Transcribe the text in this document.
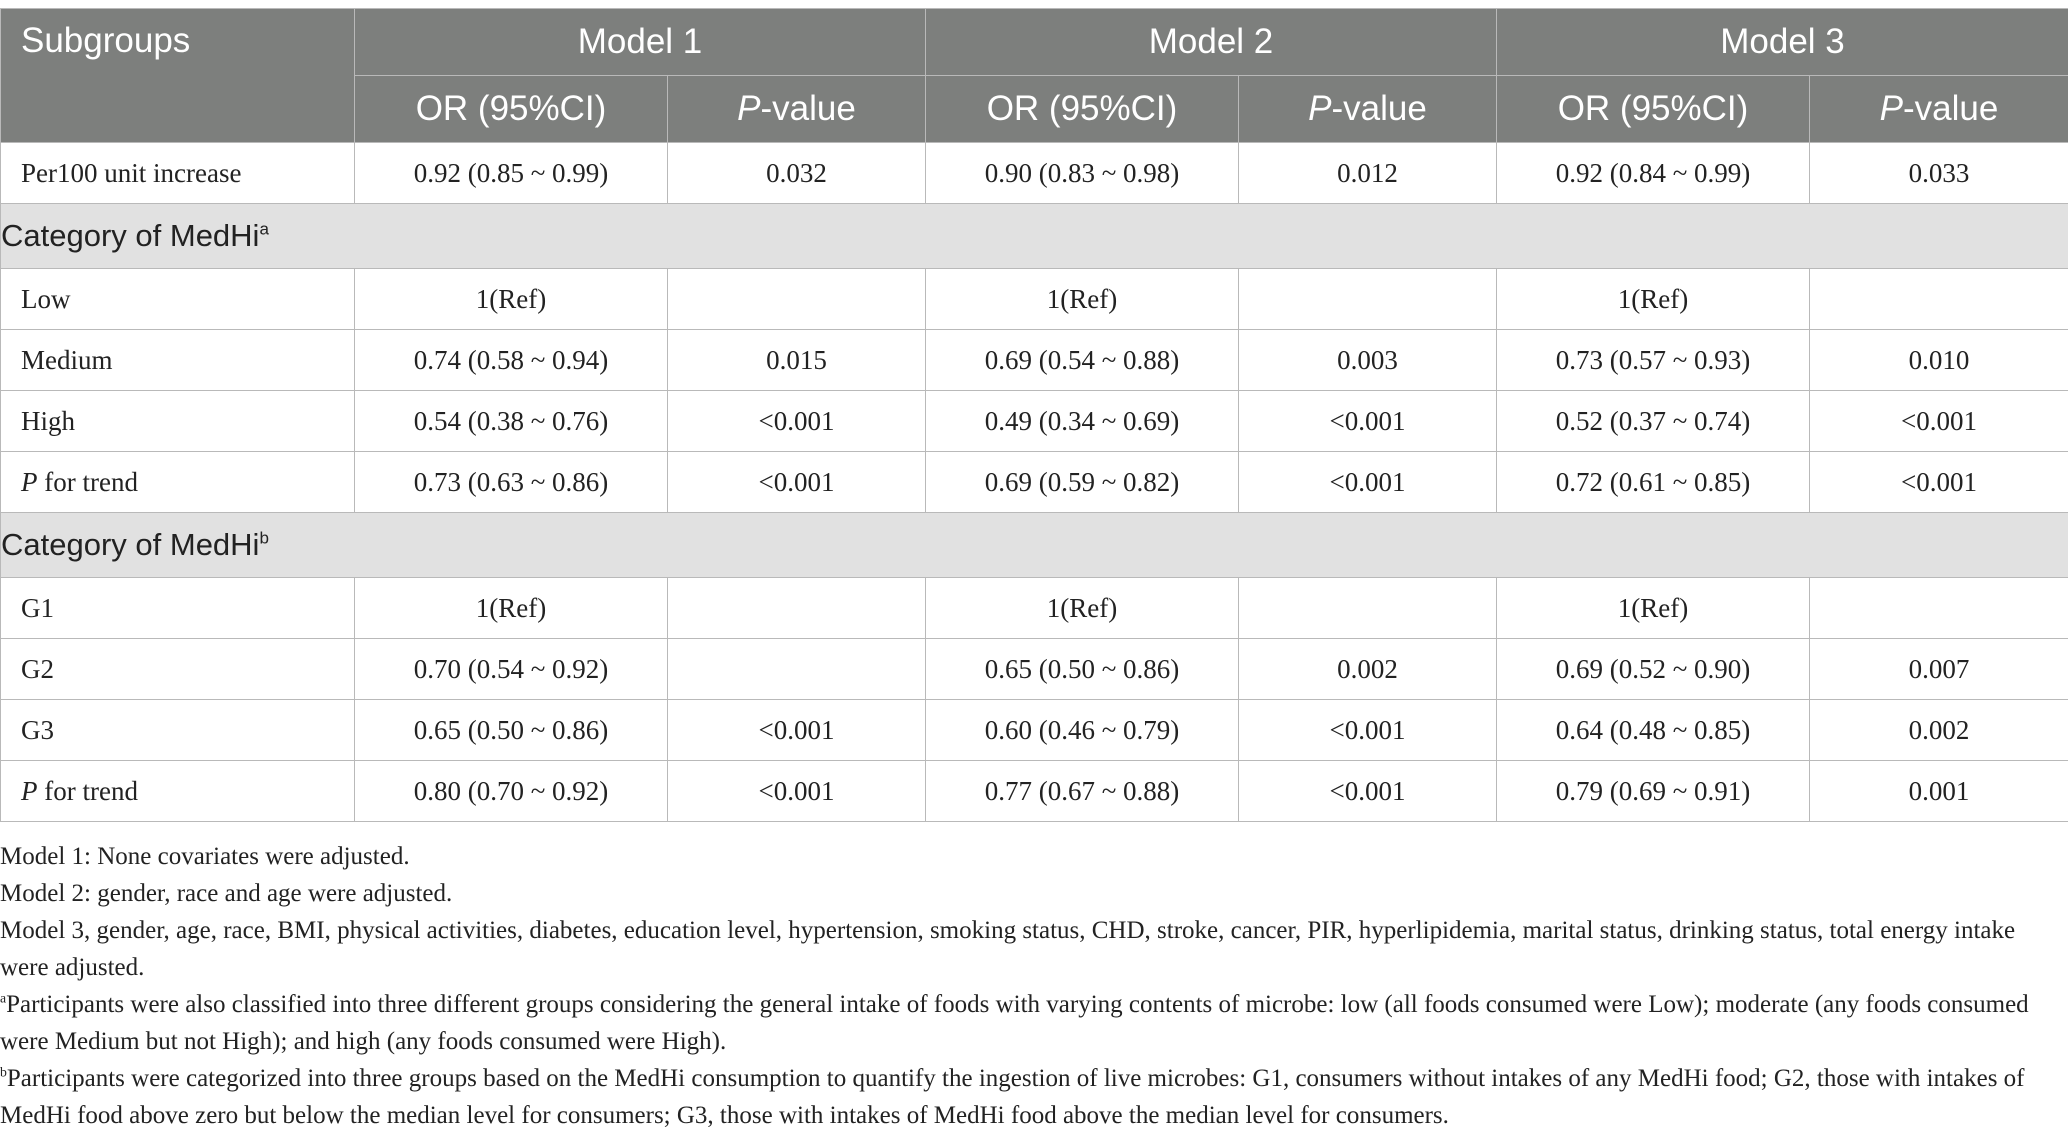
Subgroups	Model 1		Model 2		Model 3	
	OR (95%CI)	P-value	OR (95%CI)	P-value	OR (95%CI)	P-value
Per100 unit increase	0.92 (0.85 ~ 0.99)	0.032	0.90 (0.83 ~ 0.98)	0.012	0.92 (0.84 ~ 0.99)	0.033
Category of MedHi$^a$
Low	1(Ref)		1(Ref)		1(Ref)	
Medium	0.74 (0.58 ~ 0.94)	0.015	0.69 (0.54 ~ 0.88)	0.003	0.73 (0.57 ~ 0.93)	0.010
High	0.54 (0.38 ~ 0.76)	<0.001	0.49 (0.34 ~ 0.69)	<0.001	0.52 (0.37 ~ 0.74)	<0.001
P for trend	0.73 (0.63 ~ 0.86)	<0.001	0.69 (0.59 ~ 0.82)	<0.001	0.72 (0.61 ~ 0.85)	<0.001
Category of MedHi$^b$
G1	1(Ref)		1(Ref)		1(Ref)	
G2	0.70 (0.54 ~ 0.92)		0.65 (0.50 ~ 0.86)	0.002	0.69 (0.52 ~ 0.90)	0.007
G3	0.65 (0.50 ~ 0.86)	<0.001	0.60 (0.46 ~ 0.79)	<0.001	0.64 (0.48 ~ 0.85)	0.002
P for trend	0.80 (0.70 ~ 0.92)	<0.001	0.77 (0.67 ~ 0.88)	<0.001	0.79 (0.69 ~ 0.91)	0.001

Model 1: None covariates were adjusted.

Model 2: gender, race and age were adjusted.

Model 3, gender, age, race, BMI, physical activities, diabetes, education level, hypertension, smoking status, CHD, stroke, cancer, PIR, hyperlipidemia, marital status, drinking status, total energy intake were adjusted.

$^a$Participants were also classified into three different groups considering the general intake of foods with varying contents of microbe: low (all foods consumed were Low); moderate (any foods consumed were Medium but not High); and high (any foods consumed were High).

$^b$Participants were categorized into three groups based on the MedHi consumption to quantify the ingestion of live microbes: G1, consumers without intakes of any MedHi food; G2, those with intakes of MedHi food above zero but below the median level for consumers; G3, those with intakes of MedHi food above the median level for consumers.
